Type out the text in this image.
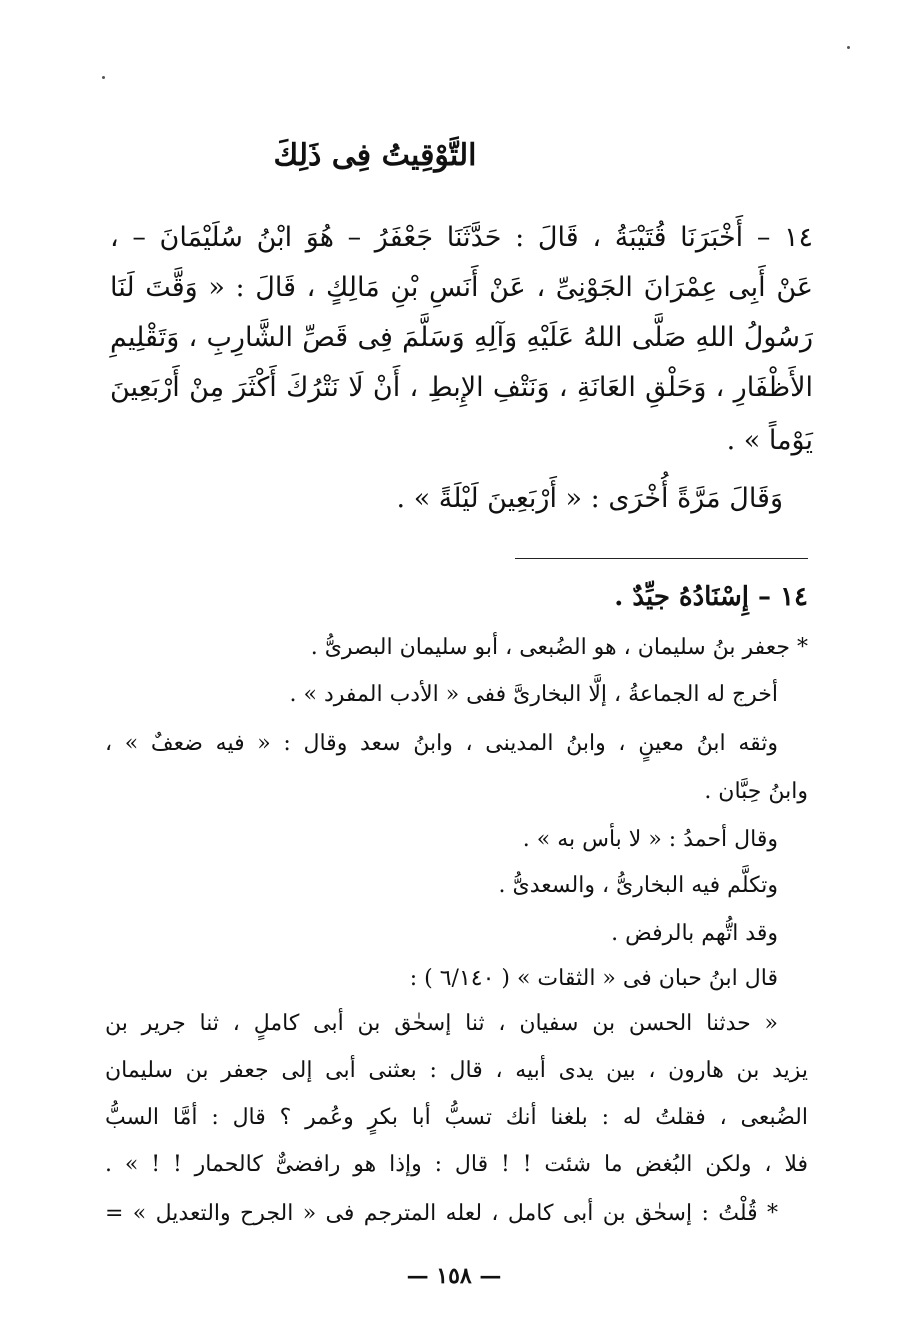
التَّوْقِيتُ فِى ذَلِكَ
١٤ – أَخْبَرَنَا قُتَيْبَةُ ، قَالَ : حَدَّثَنَا جَعْفَرُ – هُوَ ابْنُ سُلَيْمَانَ – ،
عَنْ أَبِى عِمْرَانَ الجَوْنِىِّ ، عَنْ أَنَسِ بْنِ مَالِكٍ ، قَالَ : « وَقَّتَ لَنَا
رَسُولُ اللهِ صَلَّى اللهُ عَلَيْهِ وَآلِهِ وَسَلَّمَ فِى قَصِّ الشَّارِبِ ، وَتَقْلِيمِ
الأَظْفَارِ ، وَحَلْقِ العَانَةِ ، وَنَتْفِ الإِبطِ ، أَنْ لَا نَتْرُكَ أَكْثَرَ مِنْ أَرْبَعِينَ
يَوْماً » .
وَقَالَ مَرَّةً أُخْرَى : « أَرْبَعِينَ لَيْلَةً » .
١٤ – إِسْنَادُهُ جيِّدٌ .
* جعفر بنُ سليمان ، هو الضُبعى ، أبو سليمان البصرىُّ .
أخرج له الجماعةُ ، إلَّا البخارىَّ ففى « الأدب المفرد » .
وثقه ابنُ معينٍ ، وابنُ المدينى ، وابنُ سعد وقال : « فيه ضعفٌ » ،
وابنُ حِبَّان .
وقال أحمدُ : « لا بأس به » .
وتكلَّم فيه البخارىُّ ، والسعدىُّ .
وقد اتُّهم بالرفض .
قال ابنُ حبان فى « الثقات » ( ٦/١٤٠ ) :
« حدثنا الحسن بن سفيان ، ثنا إسحٰق بن أبى كاملٍ ، ثنا جرير بن
يزيد بن هارون ، بين يدى أبيه ، قال : بعثنى أبى إلى جعفر بن سليمان
الضُبعى ، فقلتُ له : بلغنا أنك تسبُّ أبا بكرٍ وعُمر ؟ قال : أمَّا السبُّ
فلا ، ولكن البُغض ما شئت ! ! قال : وإذا هو رافضىٌّ كالحمار ! ! » .
* قُلْتُ : إسحٰق بن أبى كامل ، لعله المترجم فى « الجرح والتعديل » =
— ١٥٨ —
